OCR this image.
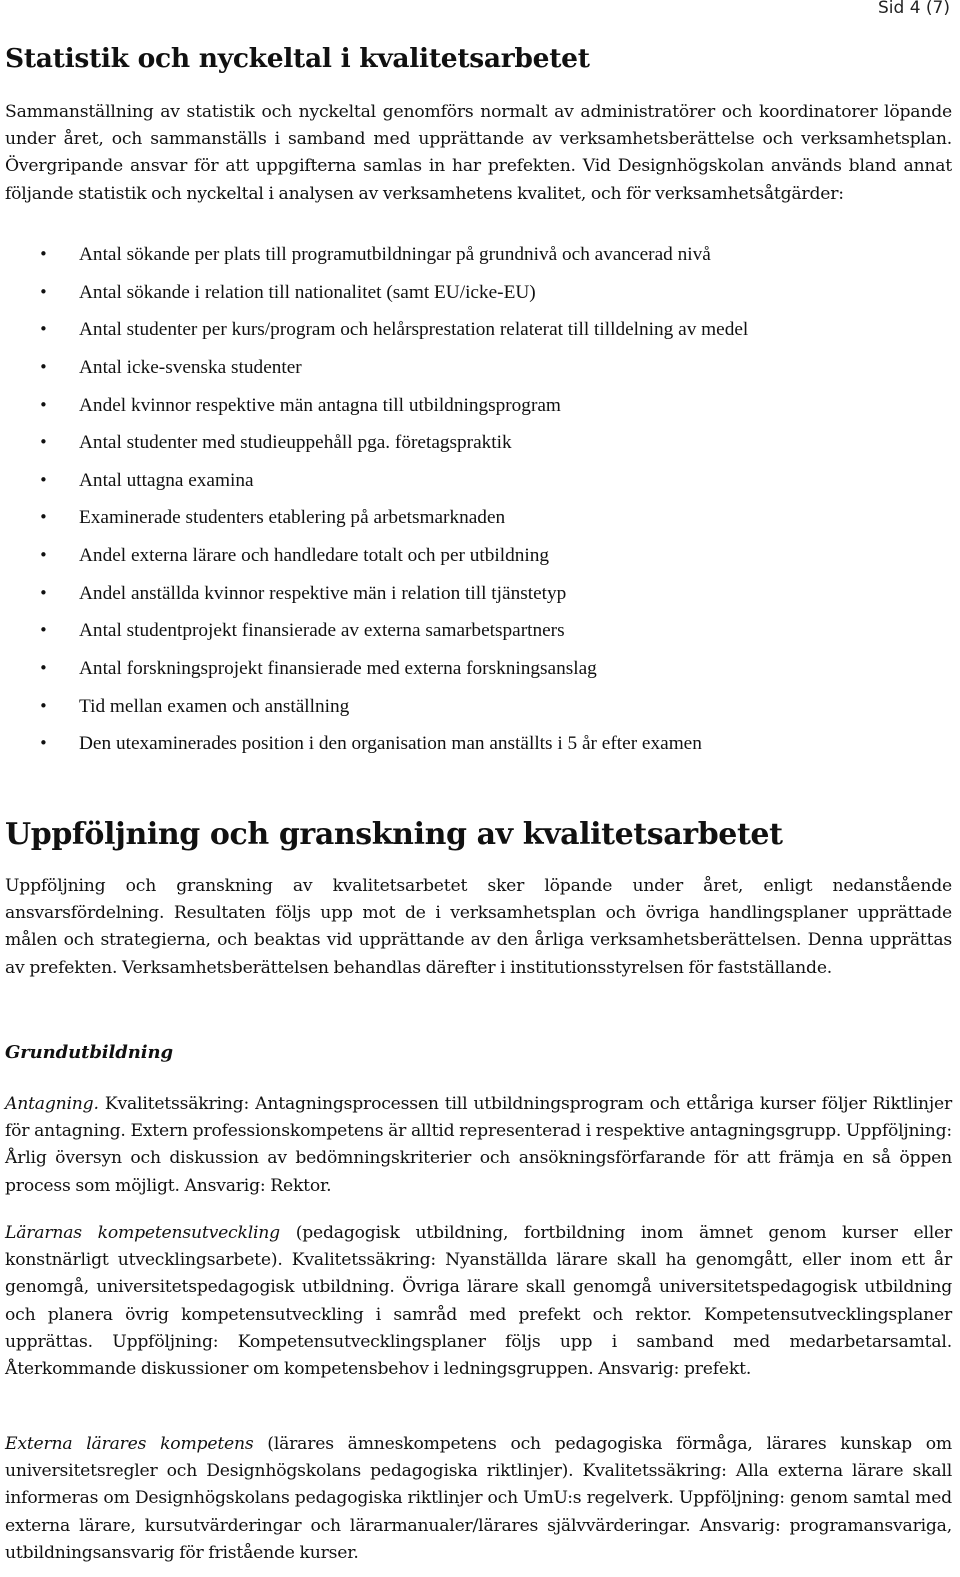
Sid 4 (7)
Statistik och nyckeltal i kvalitetsarbetet

Sammanställning av statistik och nyckeltal genomförs normalt av administratörer och koordinatorer löpande under året, och sammanställs i samband med upprättande av verksamhetsberättelse och verksamhetsplan. Övergripande ansvar för att uppgifterna samlas in har prefekten. Vid Designhögskolan används bland annat följande statistik och nyckeltal i analysen av verksamhetens kvalitet, och för verksamhetsåtgärder:

• Antal sökande per plats till programutbildningar på grundnivå och avancerad nivå
• Antal sökande i relation till nationalitet (samt EU/icke-EU)
• Antal studenter per kurs/program och helårsprestation relaterat till tilldelning av medel
• Antal icke-svenska studenter
• Andel kvinnor respektive män antagna till utbildningsprogram
• Antal studenter med studieuppehåll pga. företagspraktik
• Antal uttagna examina
• Examinerade studenters etablering på arbetsmarknaden
• Andel externa lärare och handledare totalt och per utbildning
• Andel anställda kvinnor respektive män i relation till tjänstetyp
• Antal studentprojekt finansierade av externa samarbetspartners
• Antal forskningsprojekt finansierade med externa forskningsanslag
• Tid mellan examen och anställning
• Den utexaminerades position i den organisation man anställts i 5 år efter examen
Uppföljning och granskning av kvalitetsarbetet

Uppföljning och granskning av kvalitetsarbetet sker löpande under året, enligt nedanstående ansvarsfördelning. Resultaten följs upp mot de i verksamhetsplan och övriga handlingsplaner upprättade målen och strategierna, och beaktas vid upprättande av den årliga verksamhetsberättelsen. Denna upprättas av prefekten. Verksamhetsberättelsen behandlas därefter i institutionsstyrelsen för fastställande.

Grundutbildning

Antagning. Kvalitetssäkring: Antagningsprocessen till utbildningsprogram och ettåriga kurser följer Riktlinjer för antagning. Extern professionskompetens är alltid representerad i respektive antagningsgrupp. Uppföljning: Årlig översyn och diskussion av bedömningskriterier och ansökningsförfarande för att främja en så öppen process som möjligt. Ansvarig: Rektor.

Lärarnas kompetensutveckling (pedagogisk utbildning, fortbildning inom ämnet genom kurser eller konstnärligt utvecklingsarbete). Kvalitetssäkring: Nyanställda lärare skall ha genomgått, eller inom ett år genomgå, universitetspedagogisk utbildning. Övriga lärare skall genomgå universitetspedagogisk utbildning och planera övrig kompetensutveckling i samråd med prefekt och rektor. Kompetensutvecklingsplaner upprättas. Uppföljning: Kompetensutvecklingsplaner följs upp i samband med medarbetarsamtal. Återkommande diskussioner om kompetensbehov i ledningsgruppen. Ansvarig: prefekt.

Externa lärares kompetens (lärares ämneskompetens och pedagogiska förmåga, lärares kunskap om universitetsregler och Designhögskolans pedagogiska riktlinjer). Kvalitetssäkring: Alla externa lärare skall informeras om Designhögskolans pedagogiska riktlinjer och UmU:s regelverk. Uppföljning: genom samtal med externa lärare, kursutvärderingar och lärarmanualer/lärares självvärderingar. Ansvarig: programansvariga, utbildningsansvarig för fristående kurser.
